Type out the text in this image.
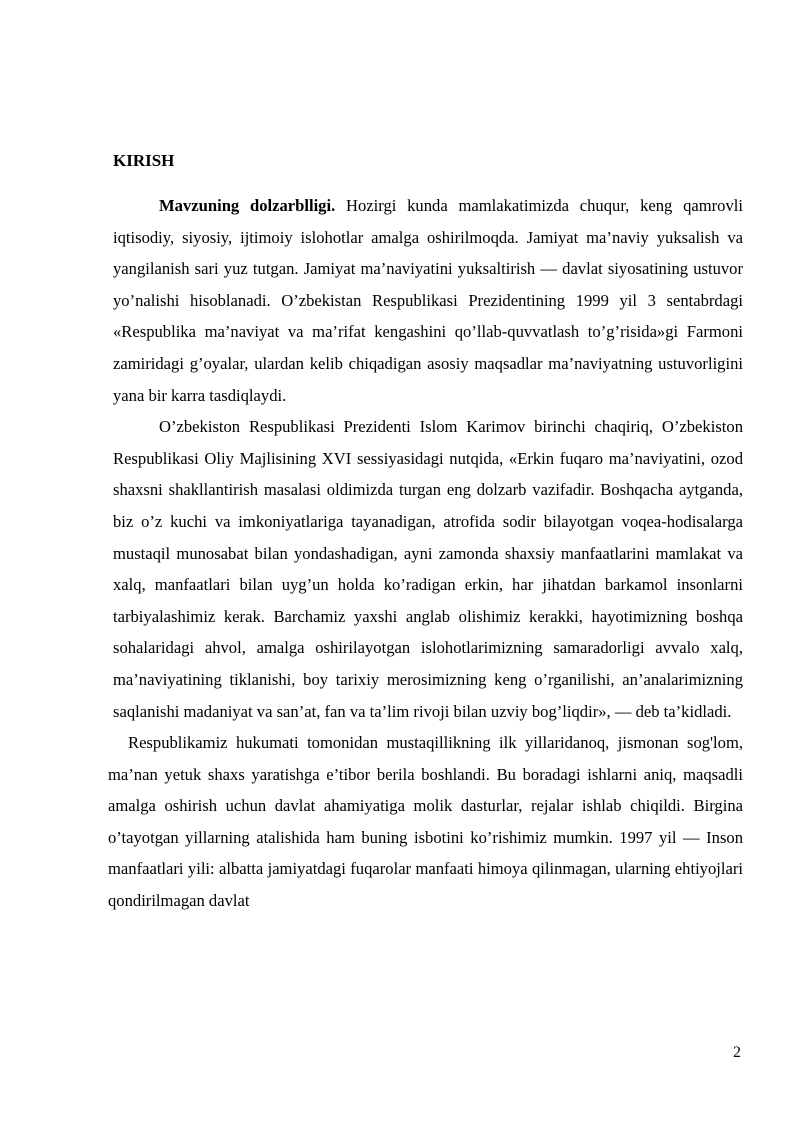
KIRISH

Mavzuning dolzarblligi. Hozirgi kunda mamlakatimizda chuqur, keng qamrovli iqtisodiy, siyosiy, ijtimoiy islohotlar amalga oshirilmoqda. Jamiyat ma’naviy yuksalish va yangilanish sari yuz tutgan. Jamiyat ma’naviyatini yuksaltirish — davlat siyosatining ustuvor yo’nalishi hisoblanadi. O’zbekistan Respublikasi Prezidentining 1999 yil 3 sentabrdagi «Respublika ma’naviyat va ma’rifat kengashini qo’llab-quvvatlash to’g’risida»gi Farmoni zamiridagi g’oyalar, ulardan kelib chiqadigan asosiy maqsadlar ma’naviyatning ustuvorligini yana bir karra tasdiqlaydi.

O’zbekiston Respublikasi Prezidenti Islom Karimov birinchi chaqiriq, O’zbekiston Respublikasi Oliy Majlisining XVI sessiyasidagi nutqida, «Erkin fuqaro ma’naviyatini, ozod shaxsni shakllantirish masalasi oldimizda turgan eng dolzarb vazifadir. Boshqacha aytganda, biz o’z kuchi va imkoniyatlariga tayanadigan, atrofida sodir bilayotgan voqea-hodisalarga mustaqil munosabat bilan yondashadigan, ayni zamonda shaxsiy manfaatlarini mamlakat va xalq, manfaatlari bilan uyg’un holda ko’radigan erkin, har jihatdan barkamol insonlarni tarbiyalashimiz kerak. Barchamiz yaxshi anglab olishimiz kerakki, hayotimizning boshqa sohalaridagi ahvol, amalga oshirilayotgan islohotlarimizning samaradorligi avvalo xalq, ma’naviyatining tiklanishi, boy tarixiy merosimizning keng o’rganilishi, an’analarimizning saqlanishi madaniyat va san’at, fan va ta’lim rivoji bilan uzviy bog’liqdir», — deb ta’kidladi.

Respublikamiz hukumati tomonidan mustaqillikning ilk yillaridanoq, jismonan sog'lom, ma’nan yetuk shaxs yaratishga e’tibor berila boshlandi. Bu boradagi ishlarni aniq, maqsadli amalga oshirish uchun davlat ahamiyatiga molik dasturlar, rejalar ishlab chiqildi. Birgina o’tayotgan yillarning atalishida ham buning isbotini ko’rishimiz mumkin. 1997 yil — Inson manfaatlari yili: albatta jamiyatdagi fuqarolar manfaati himoya qilinmagan, ularning ehtiyojlari qondirilmagan davlat

2
